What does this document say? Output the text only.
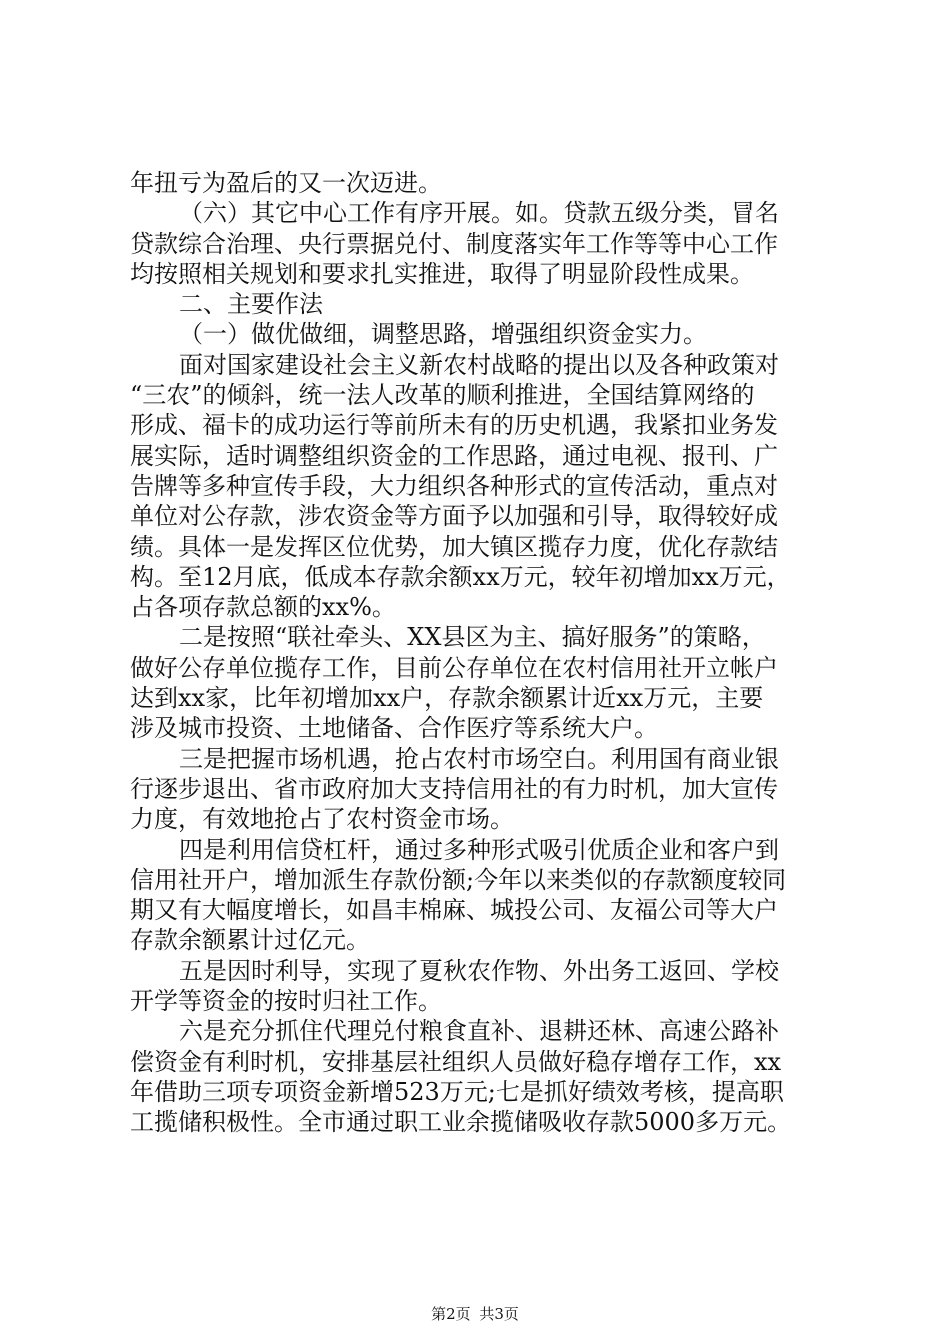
年扭亏为盈后的又一次迈进。
（六）其它中心工作有序开展。如。贷款五级分类，冒名
贷款综合治理、央行票据兑付、制度落实年工作等等中心工作
均按照相关规划和要求扎实推进，取得了明显阶段性成果。
二、主要作法
（一）做优做细，调整思路，增强组织资金实力。
面对国家建设社会主义新农村战略的提出以及各种政策对
“三农”的倾斜，统一法人改革的顺利推进，全国结算网络的
形成、福卡的成功运行等前所未有的历史机遇，我紧扣业务发
展实际，适时调整组织资金的工作思路，通过电视、报刊、广
告牌等多种宣传手段，大力组织各种形式的宣传活动，重点对
单位对公存款，涉农资金等方面予以加强和引导，取得较好成
绩。具体一是发挥区位优势，加大镇区揽存力度，优化存款结
构。至12月底，低成本存款余额xx万元，较年初增加xx万元，
占各项存款总额的xx%。
二是按照“联社牵头、XX县区为主、搞好服务”的策略，
做好公存单位揽存工作，目前公存单位在农村信用社开立帐户
达到xx家，比年初增加xx户，存款余额累计近xx万元，主要
涉及城市投资、土地储备、合作医疗等系统大户。
三是把握市场机遇，抢占农村市场空白。利用国有商业银
行逐步退出、省市政府加大支持信用社的有力时机，加大宣传
力度，有效地抢占了农村资金市场。
四是利用信贷杠杆，通过多种形式吸引优质企业和客户到
信用社开户，增加派生存款份额;今年以来类似的存款额度较同
期又有大幅度增长，如昌丰棉麻、城投公司、友福公司等大户
存款余额累计过亿元。
五是因时利导，实现了夏秋农作物、外出务工返回、学校
开学等资金的按时归社工作。
六是充分抓住代理兑付粮食直补、退耕还林、高速公路补
偿资金有利时机，安排基层社组织人员做好稳存增存工作，xx
年借助三项专项资金新增523万元;七是抓好绩效考核，提高职
工揽储积极性。全市通过职工业余揽储吸收存款5000多万元。
第2页 共3页
